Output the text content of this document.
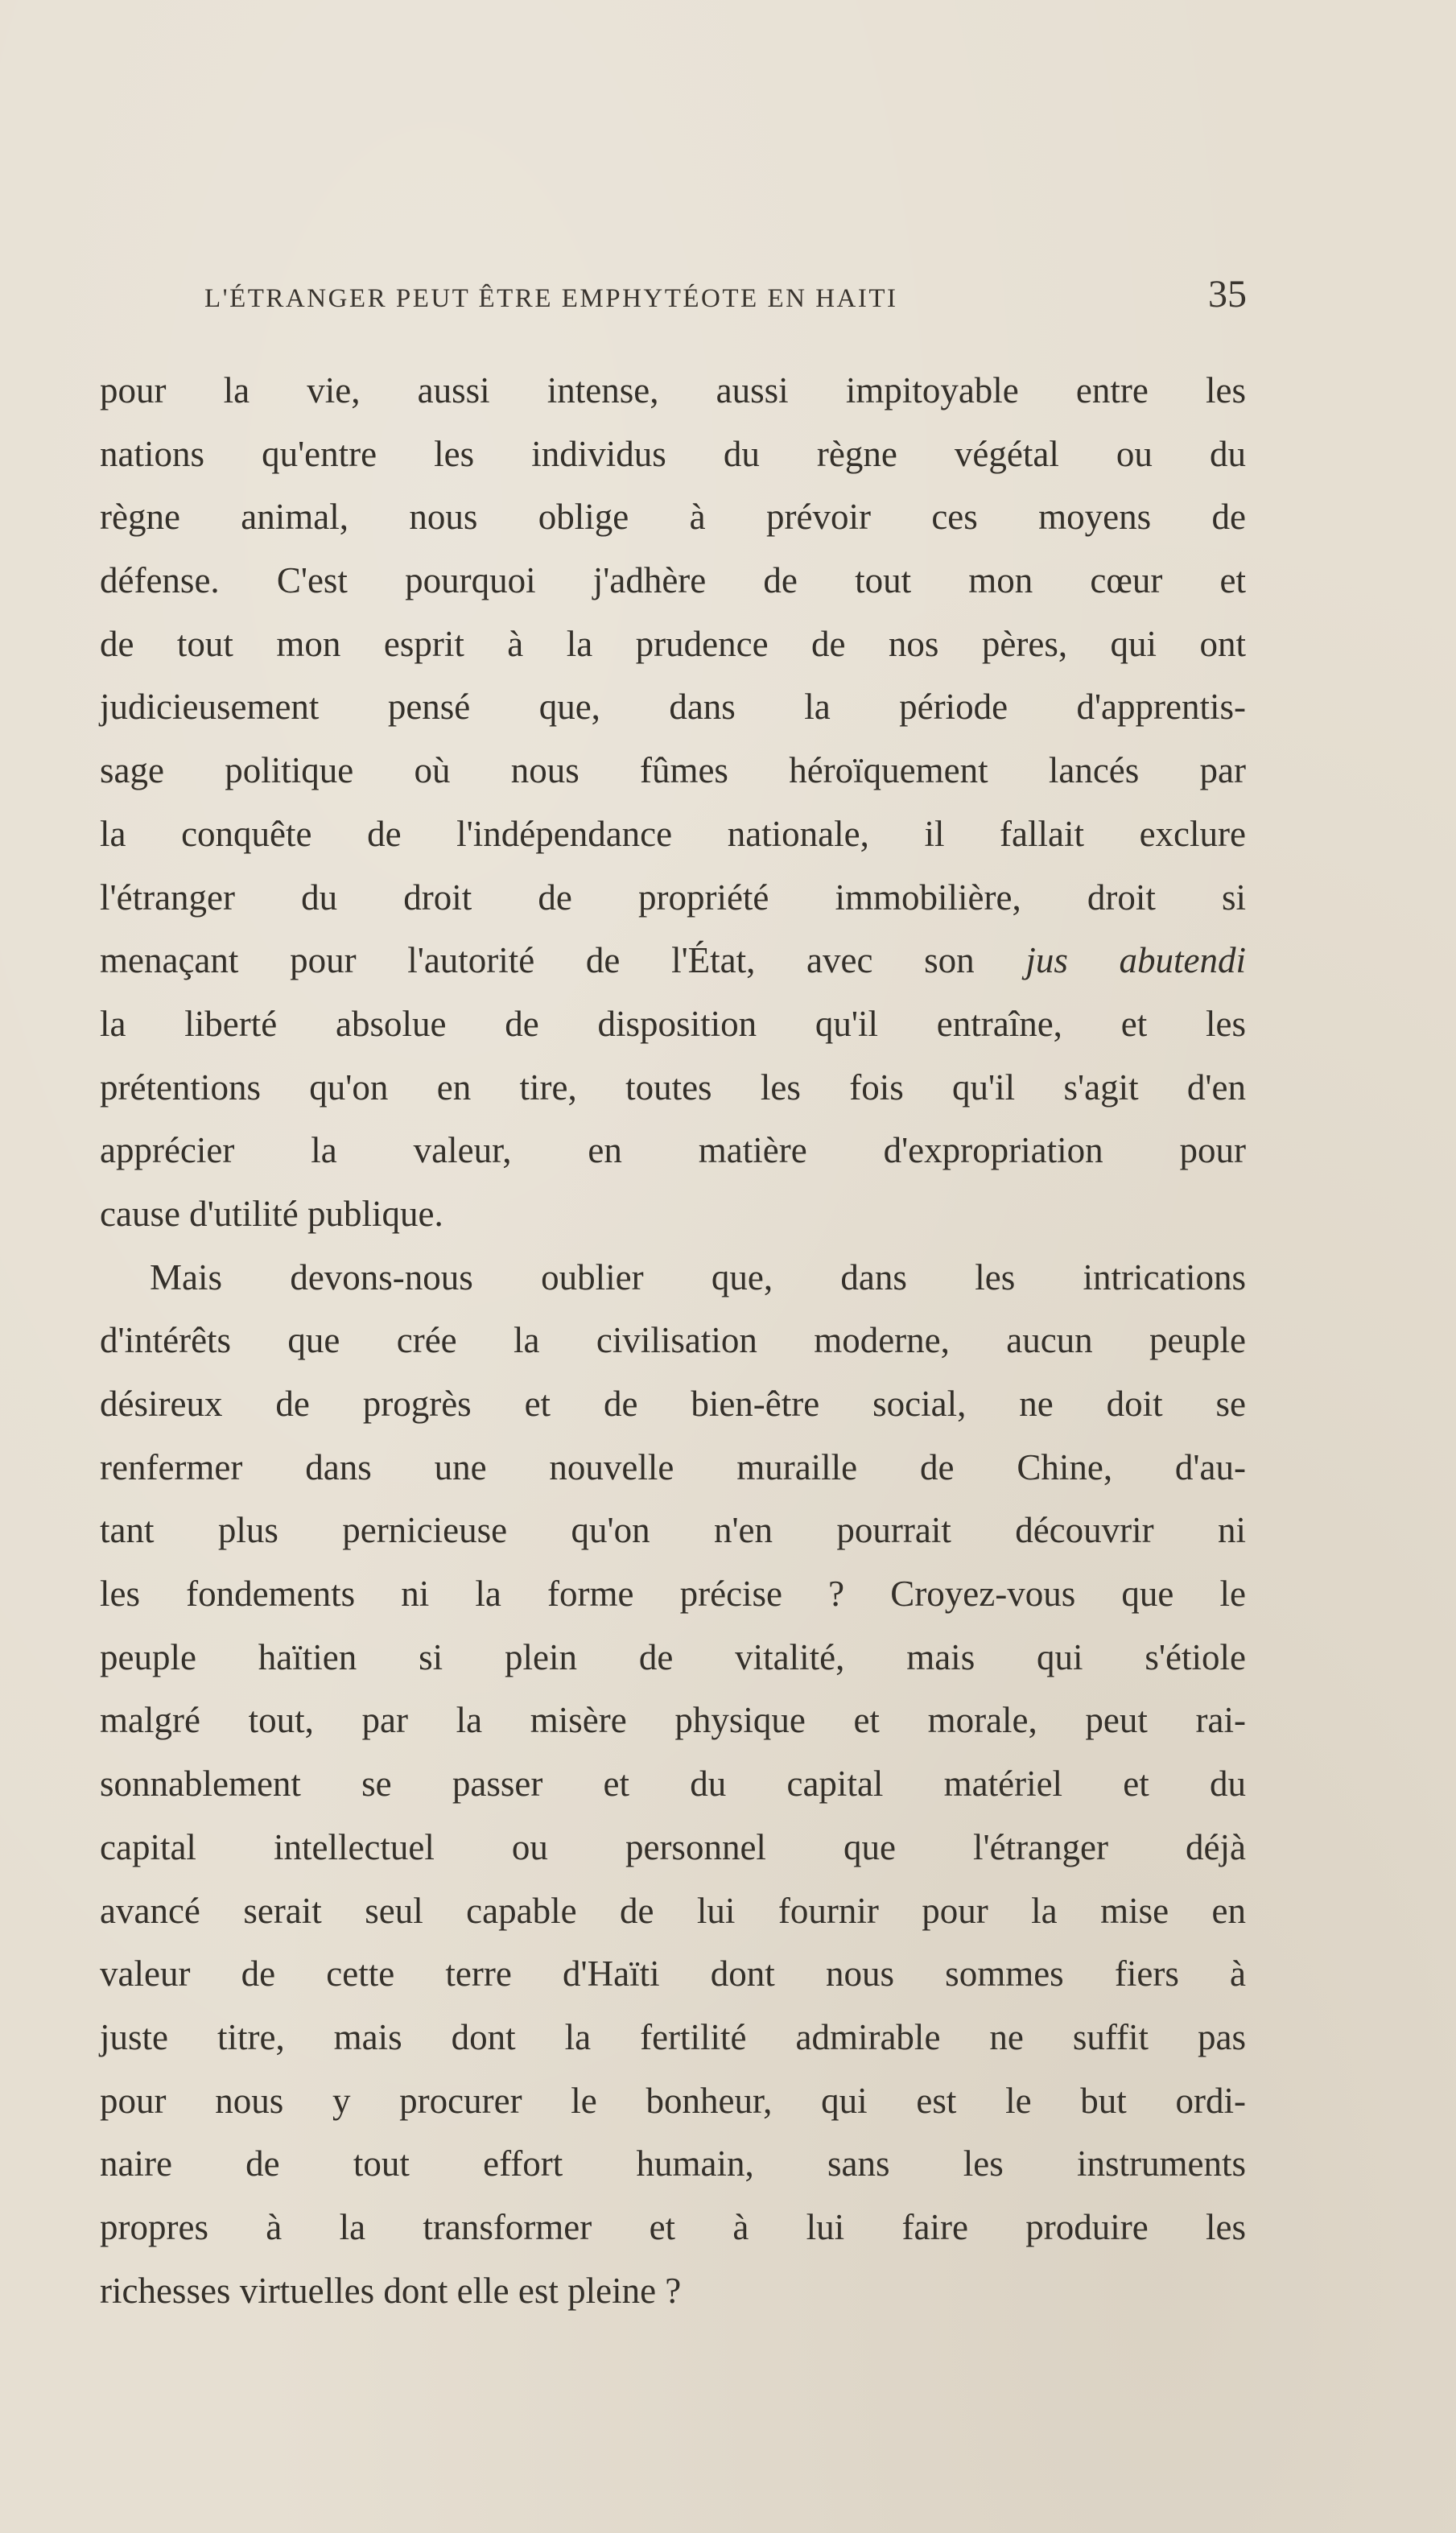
L'ÉTRANGER PEUT ÊTRE EMPHYTÉOTE EN HAITI	35
pour la vie, aussi intense, aussi impitoyable entre les
nations qu'entre les individus du règne végétal ou du
règne animal, nous oblige à prévoir ces moyens de
défense. C'est pourquoi j'adhère de tout mon cœur et
de tout mon esprit à la prudence de nos pères, qui ont
judicieusement pensé que, dans la période d'apprentis-
sage politique où nous fûmes héroïquement lancés par
la conquête de l'indépendance nationale, il fallait exclure
l'étranger du droit de propriété immobilière, droit si
menaçant pour l'autorité de l'État, avec son jus abutendi
la liberté absolue de disposition qu'il entraîne, et les
prétentions qu'on en tire, toutes les fois qu'il s'agit d'en
apprécier la valeur, en matière d'expropriation pour
cause d'utilité publique.
Mais devons-nous oublier que, dans les intrications
d'intérêts que crée la civilisation moderne, aucun peuple
désireux de progrès et de bien-être social, ne doit se
renfermer dans une nouvelle muraille de Chine, d'au-
tant plus pernicieuse qu'on n'en pourrait découvrir ni
les fondements ni la forme précise ? Croyez-vous que le
peuple haïtien si plein de vitalité, mais qui s'étiole
malgré tout, par la misère physique et morale, peut rai-
sonnablement se passer et du capital matériel et du
capital intellectuel ou personnel que l'étranger déjà
avancé serait seul capable de lui fournir pour la mise en
valeur de cette terre d'Haïti dont nous sommes fiers à
juste titre, mais dont la fertilité admirable ne suffit pas
pour nous y procurer le bonheur, qui est le but ordi-
naire de tout effort humain, sans les instruments
propres à la transformer et à lui faire produire les
richesses virtuelles dont elle est pleine ?
